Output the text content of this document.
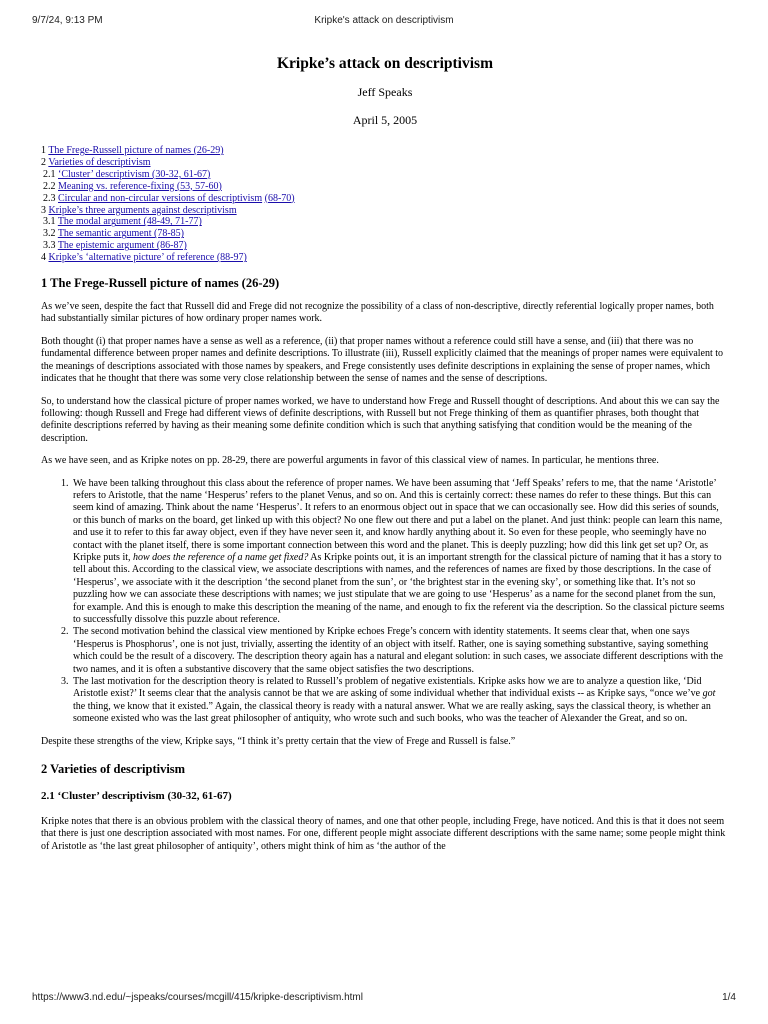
9/7/24, 9:13 PM	Kripke's attack on descriptivism
Kripke’s attack on descriptivism
Jeff Speaks
April 5, 2005
1 The Frege-Russell picture of names (26-29)
2 Varieties of descriptivism
2.1 ‘Cluster’ descriptivism (30-32, 61-67)
2.2 Meaning vs. reference-fixing (53, 57-60)
2.3 Circular and non-circular versions of descriptivism (68-70)
3 Kripke’s three arguments against descriptivism
3.1 The modal argument (48-49, 71-77)
3.2 The semantic argument (78-85)
3.3 The epistemic argument (86-87)
4 Kripke’s ‘alternative picture’ of reference (88-97)
1 The Frege-Russell picture of names (26-29)

As we’ve seen, despite the fact that Russell did and Frege did not recognize the possibility of a class of non-descriptive, directly referential logically proper names, both had substantially similar pictures of how ordinary proper names work.

Both thought (i) that proper names have a sense as well as a reference, (ii) that proper names without a reference could still have a sense, and (iii) that there was no fundamental difference between proper names and definite descriptions. To illustrate (iii), Russell explicitly claimed that the meanings of proper names were equivalent to the meanings of descriptions associated with those names by speakers, and Frege consistently uses definite descriptions in explaining the sense of proper names, which indicates that he thought that there was some very close relationship between the sense of names and the sense of descriptions.

So, to understand how the classical picture of proper names worked, we have to understand how Frege and Russell thought of descriptions. And about this we can say the following: though Russell and Frege had different views of definite descriptions, with Russell but not Frege thinking of them as quantifier phrases, both thought that definite descriptions referred by having as their meaning some definite condition which is such that anything satisfying that condition would be the meaning of the description.

As we have seen, and as Kripke notes on pp. 28-29, there are powerful arguments in favor of this classical view of names. In particular, he mentions three.

1. We have been talking throughout this class about the reference of proper names. We have been assuming that ‘Jeff Speaks’ refers to me, that the name ‘Aristotle’ refers to Aristotle, that the name ‘Hesperus’ refers to the planet Venus, and so on. And this is certainly correct: these names do refer to these things. But this can seem kind of amazing. Think about the name ‘Hesperus’. It refers to an enormous object out in space that we can occasionally see. How did this series of sounds, or this bunch of marks on the board, get linked up with this object? No one flew out there and put a label on the planet. And just think: people can learn this name, and use it to refer to this far away object, even if they have never seen it, and know hardly anything about it. So even for these people, who seemingly have no contact with the planet itself, there is some important connection between this word and the planet. This is deeply puzzling; how did this link get set up? Or, as Kripke puts it, how does the reference of a name get fixed? As Kripke points out, it is an important strength for the classical picture of naming that it has a story to tell about this. According to the classical view, we associate descriptions with names, and the references of names are fixed by those descriptions. In the case of ‘Hesperus’, we associate with it the description ‘the second planet from the sun’, or ‘the brightest star in the evening sky’, or something like that. It’s not so puzzling how we can associate these descriptions with names; we just stipulate that we are going to use ‘Hesperus’ as a name for the second planet from the sun, for example. And this is enough to make this description the meaning of the name, and enough to fix the referent via the description. So the classical picture seems to successfully dissolve this puzzle about reference.
2. The second motivation behind the classical view mentioned by Kripke echoes Frege’s concern with identity statements. It seems clear that, when one says ‘Hesperus is Phosphorus’, one is not just, trivially, asserting the identity of an object with itself. Rather, one is saying something substantive, saying something which could be the result of a discovery. The description theory again has a natural and elegant solution: in such cases, we associate different descriptions with the two names, and it is often a substantive discovery that the same object satisfies the two descriptions.
3. The last motivation for the description theory is related to Russell’s problem of negative existentials. Kripke asks how we are to analyze a question like, ‘Did Aristotle exist?’ It seems clear that the analysis cannot be that we are asking of some individual whether that individual exists -- as Kripke says, “once we’ve got the thing, we know that it existed.” Again, the classical theory is ready with a natural answer. What we are really asking, says the classical theory, is whether an someone existed who was the last great philosopher of antiquity, who wrote such and such books, who was the teacher of Alexander the Great, and so on.

Despite these strengths of the view, Kripke says, “I think it’s pretty certain that the view of Frege and Russell is false.”

2 Varieties of descriptivism
2.1 ‘Cluster’ descriptivism (30-32, 61-67)

Kripke notes that there is an obvious problem with the classical theory of names, and one that other people, including Frege, have noticed. And this is that it does not seem that there is just one description associated with most names. For one, different people might associate different descriptions with the same name; some people might think of Aristotle as ‘the last great philosopher of antiquity’, others might think of him as ‘the author of the

https://www3.nd.edu/~jspeaks/courses/mcgill/415/kripke-descriptivism.html	1/4
